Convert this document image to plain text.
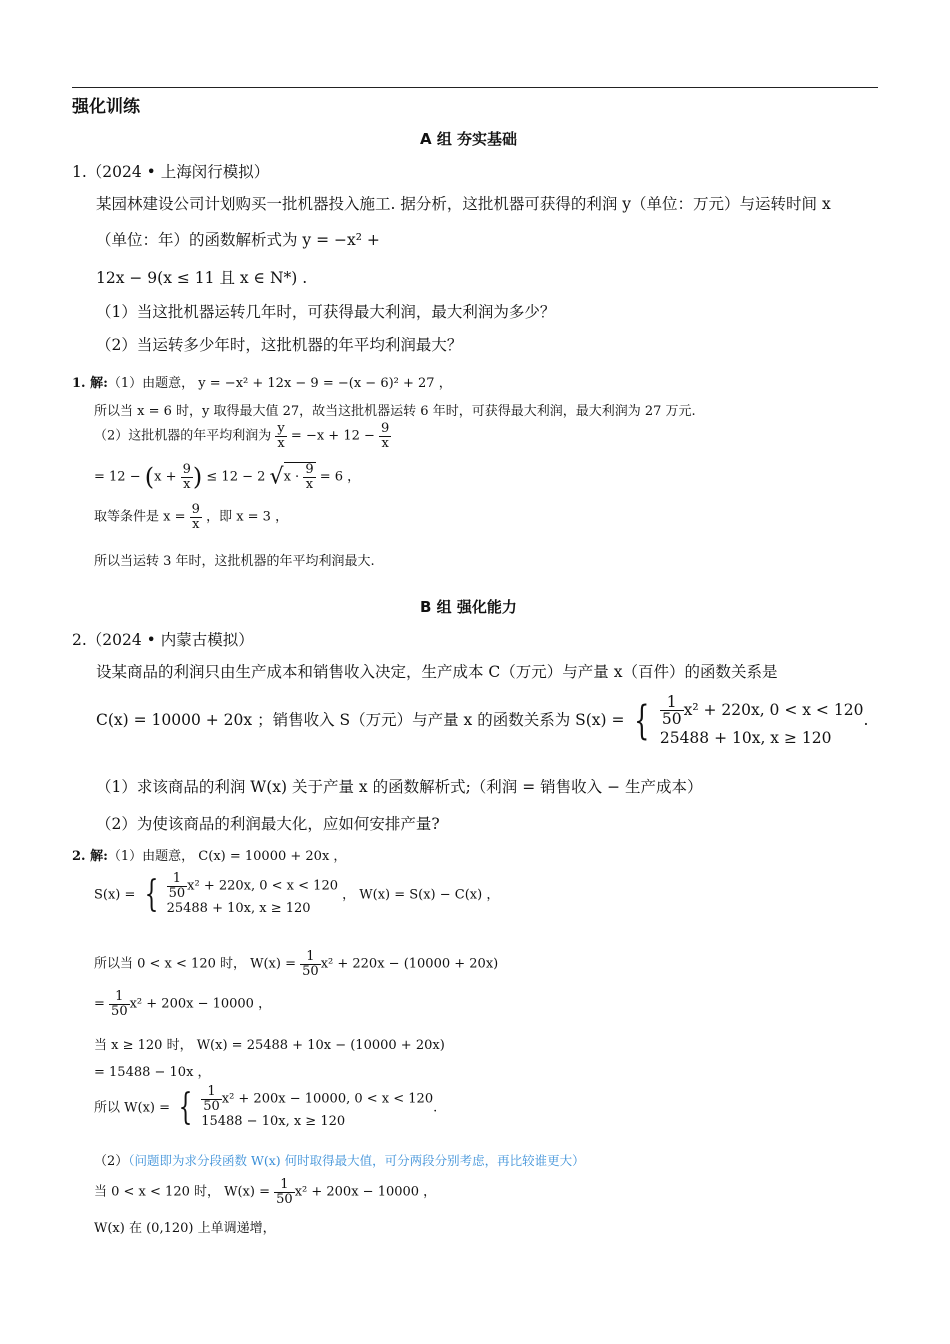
强化训练
A 组 夯实基础
1.（2024 • 上海闵行模拟）
某园林建设公司计划购买一批机器投入施工. 据分析，这批机器可获得的利润 y（单位：万元）与运转时间 x
（单位：年）的函数解析式为 y = −x² +
12x − 9(x ≤ 11 且 x ∈ N*) .
（1）当这批机器运转几年时，可获得最大利润，最大利润为多少？
（2）当运转多少年时，这批机器的年平均利润最大？
1. 解:（1）由题意， y = −x² + 12x − 9 = −(x − 6)² + 27 ，
所以当 x = 6 时，y 取得最大值 27，故当这批机器运转 6 年时，可获得最大利润，最大利润为 27 万元.
（2）这批机器的年平均利润为 $\frac{y}{x} = -x + 12 - \frac{9}{x}$
= $12 - (x + \frac{9}{x}$ ) ≤ 12 − 2 $√x \cdot \frac{9}{x} = 6$ ，
取等条件是 $x = \frac{9}{x}$ ，即 x = 3 ，
所以当运转 3 年时，这批机器的年平均利润最大.
B 组 强化能力
2.（2024 • 内蒙古模拟）
设某商品的利润只由生产成本和销售收入决定，生产成本 C（万元）与产量 x（百件）的函数关系是
C(x) = 10000 + 20x ；销售收入 S（万元）与产量 x 的函数关系为 S(x) = { $\frac{1}{50} x^2 + 220x$, 0 < x < 120
25488 + 10x, x ≥ 120
.
（1）求该商品的利润 W(x) 关于产量 x 的函数解析式;（利润 = 销售收入 − 生产成本）
（2）为使该商品的利润最大化，应如何安排产量?
2. 解:（1）由题意， C(x) = 10000 + 20x ，
S(x) = { $\frac{1}{50} x^2 + 220x$, 0 < x < 120
25488 + 10x, x ≥ 120
， W(x) = S(x) − C(x) ，
所以当 0 < x < 120 时， $W(x) = \frac{1}{50} x^2 + 220x - (10000 + 20x)$
= $\frac{1}{50} x^2 + 200x - 10000$ ，
当 x ≥ 120 时， W(x) = 25488 + 10x − (10000 + 20x)
= 15488 − 10x ，
所以 W(x) = { $\frac{1}{50} x^2 + 200x - 10000$, 0 < x < 120
15488 − 10x, x ≥ 120
.
（2）（问题即为求分段函数 W(x) 何时取得最大值，可分两段分别考虑，再比较谁更大）
当 0 < x < 120 时， $W(x) = \frac{1}{50} x^2 + 200x - 10000$ ，
W(x) 在 (0,120) 上单调递增，
